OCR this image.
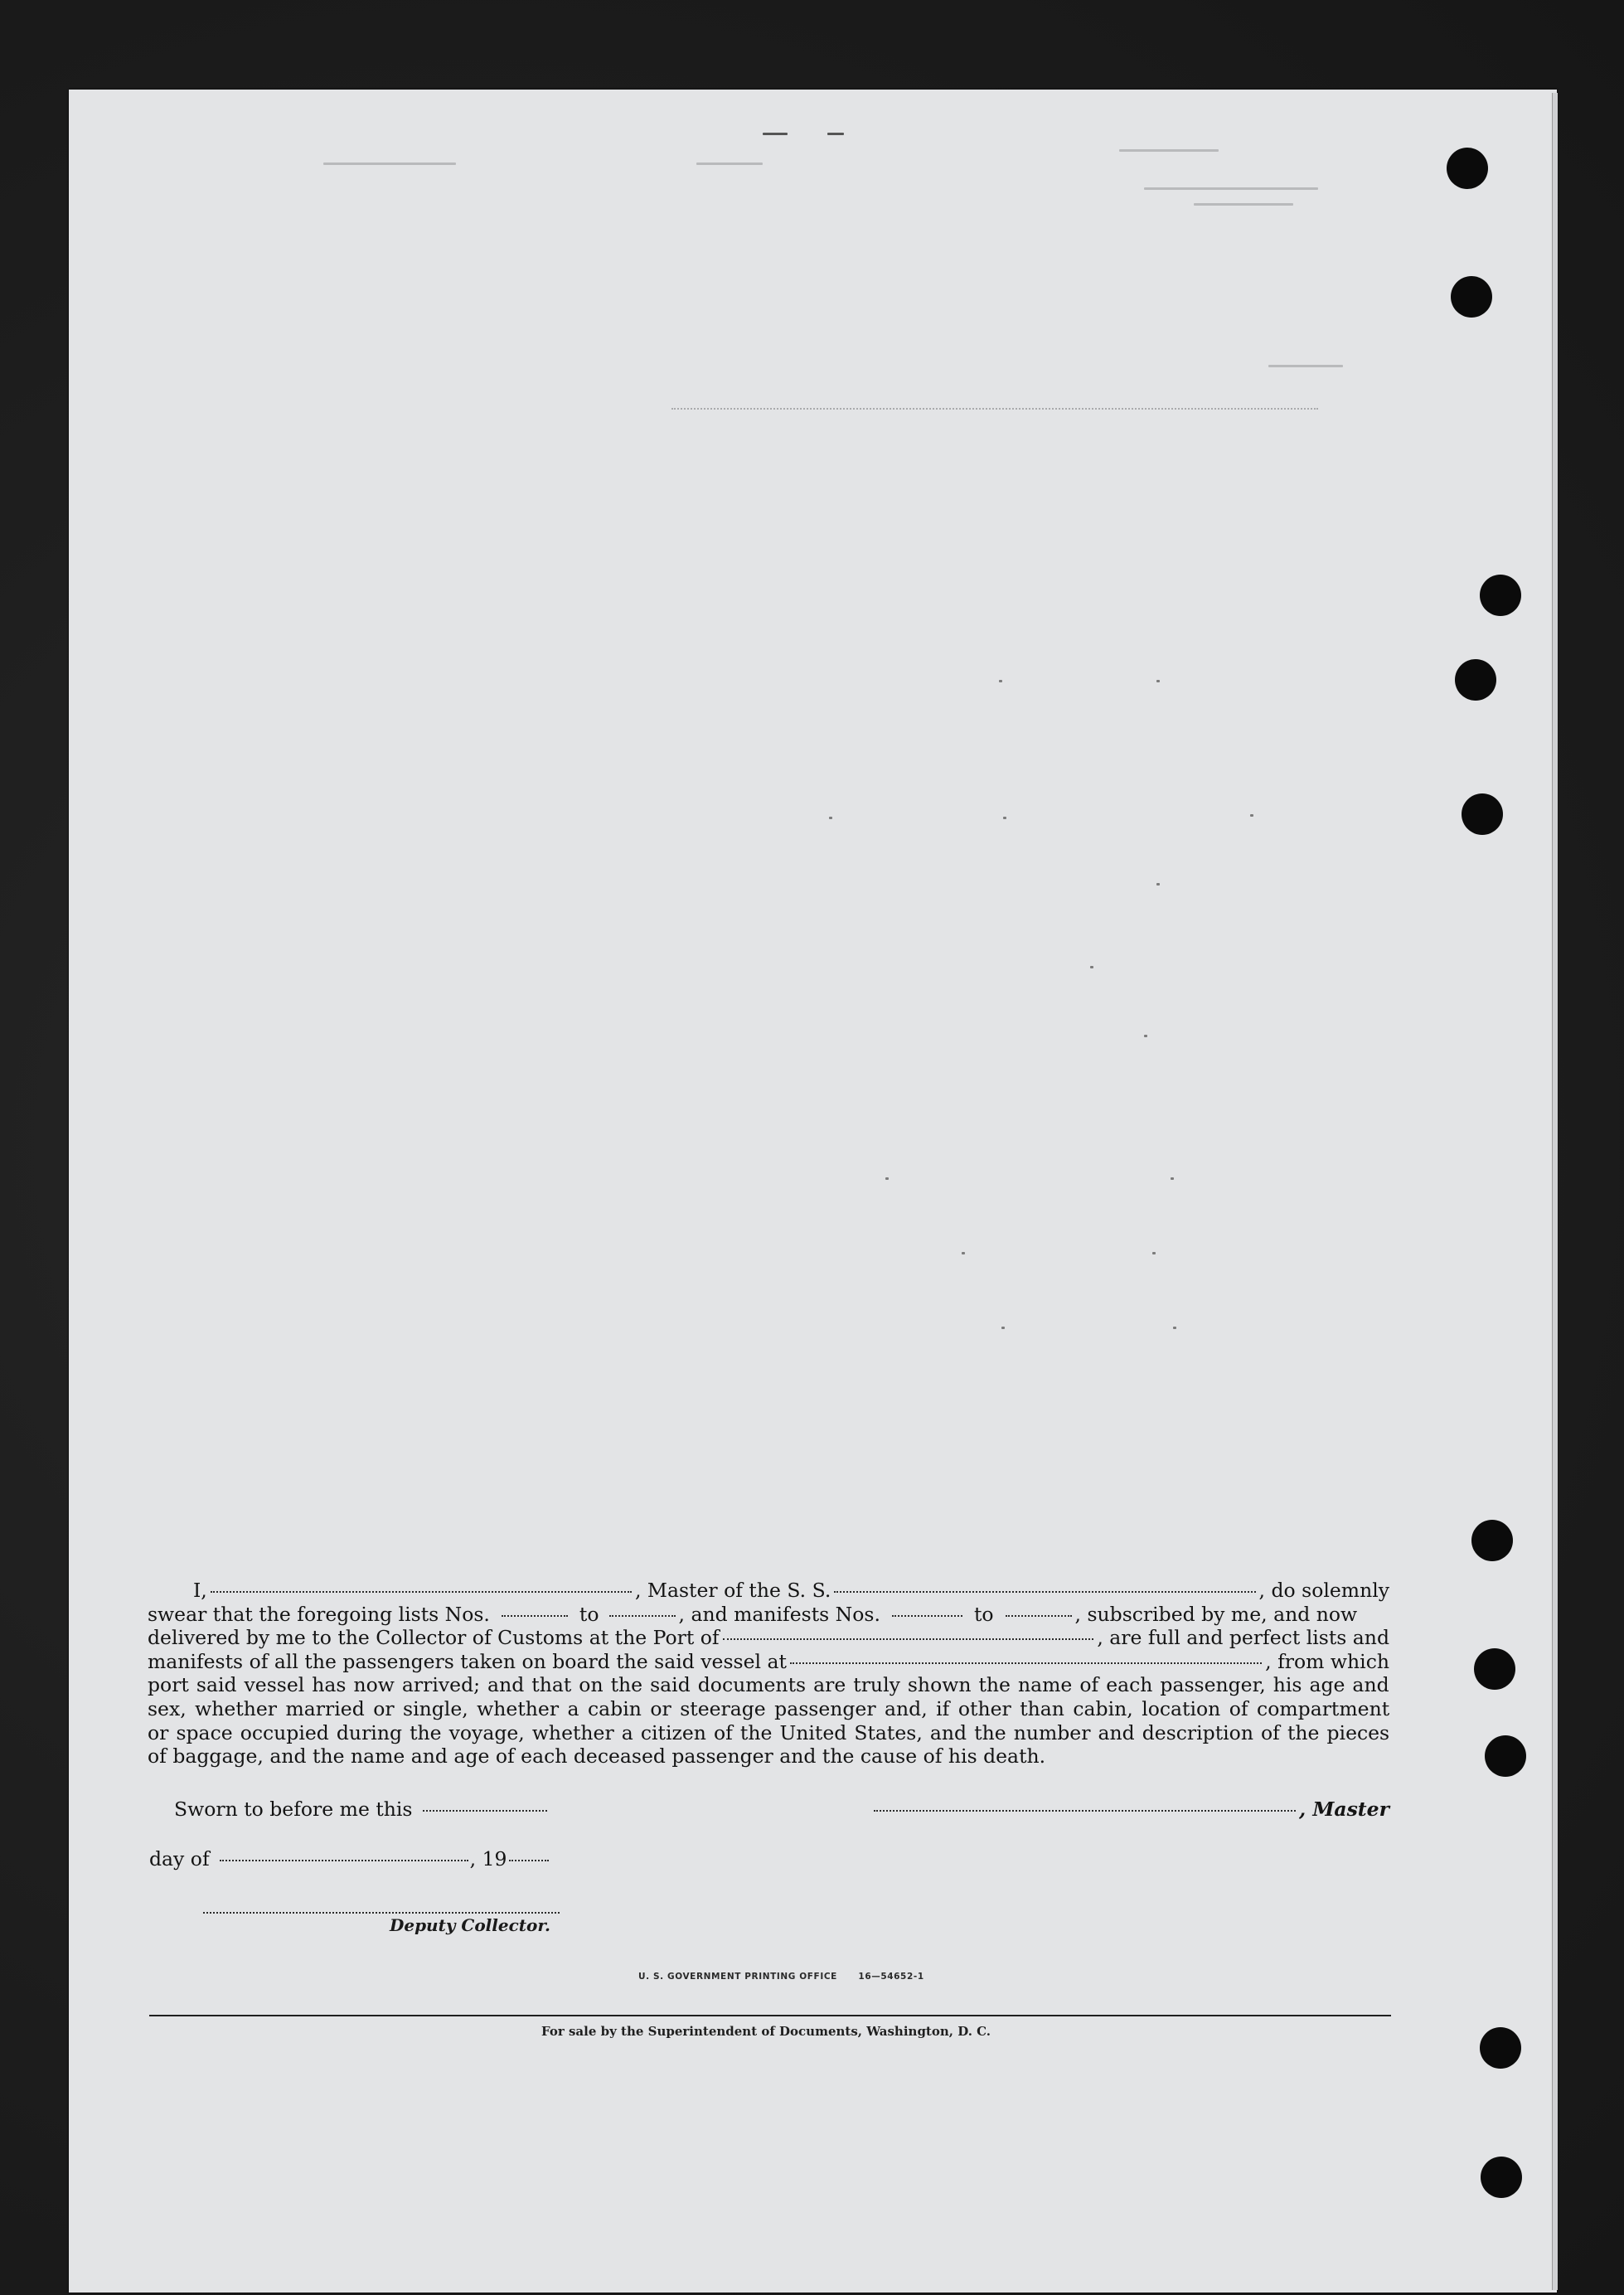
I,	, Master of the S. S.	, do solemnly
swear that the foregoing lists Nos.	to	, and manifests Nos.	to	, subscribed by me, and now
delivered by me to the Collector of Customs at the Port of	, are full and perfect lists and
manifests of all the passengers taken on board the said vessel at	, from which
port said vessel has now arrived; and that on the said documents are truly shown the name of each passenger, his age and
sex, whether married or single, whether a cabin or steerage passenger and, if other than cabin, location of compartment
or space occupied during the voyage, whether a citizen of the United States, and the number and description of the pieces
of baggage, and the name and age of each deceased passenger and the cause of his death.
Sworn to before me this	, Master
day of	, 19
Deputy Collector.
U. S. GOVERNMENT PRINTING OFFICE      16—54652-1
For sale by the Superintendent of Documents, Washington, D. C.
